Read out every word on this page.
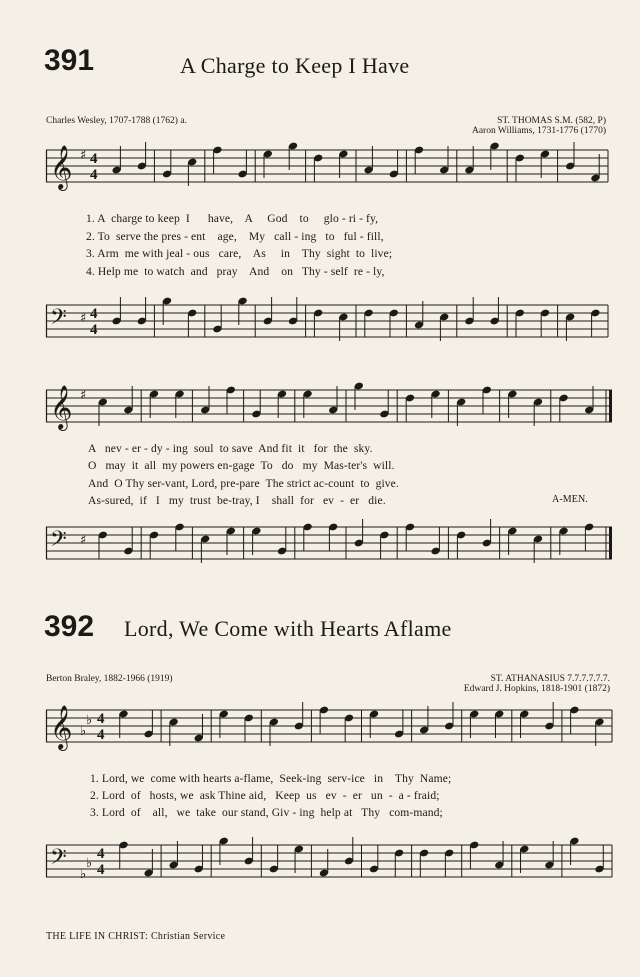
391	A Charge to Keep I Have
Charles Wesley, 1707-1788 (1762) a.	ST. THOMAS S.M. (582, P)
Aaron Williams, 1731-1776 (1770)
𝄞 ♯ 4
4
1. A  charge to keep  I      have,    A     God    to     glo - ri - fy,
2. To  serve the pres - ent    age,    My   call - ing   to   ful - fill,
3. Arm  me with jeal - ous   care,    As     in    Thy  sight  to  live;
4. Help me  to watch  and   pray    And    on   Thy - self  re - ly,
𝄢 ♯ 4
4
𝄞 ♯
A   nev - er - dy - ing  soul  to save  And fit  it   for  the  sky.
O   may  it  all  my powers en-gage  To   do   my  Mas-ter's  will.
And  O Thy ser-vant, Lord, pre-pare  The strict ac-count  to  give.
As-sured,  if   I   my  trust  be-tray, I    shall  for   ev  -  er   die.	A-MEN.
𝄢 ♯
392 Lord, We Come with Hearts Aflame
Berton Braley, 1882-1966 (1919)	ST. ATHANASIUS 7.7.7.7.7.7.
Edward J. Hopkins, 1818-1901 (1872)
𝄞 ♭
♭ 4
4
1. Lord, we  come with hearts a-flame,  Seek-ing  serv-ice   in    Thy  Name;
2. Lord  of   hosts, we  ask Thine aid,   Keep  us   ev  -  er   un  -  a - fraid;
3. Lord  of    all,   we  take  our stand, Giv - ing  help at   Thy   com-mand;
𝄢 ♭
♭
4
4
THE LIFE IN CHRIST: Christian Service
